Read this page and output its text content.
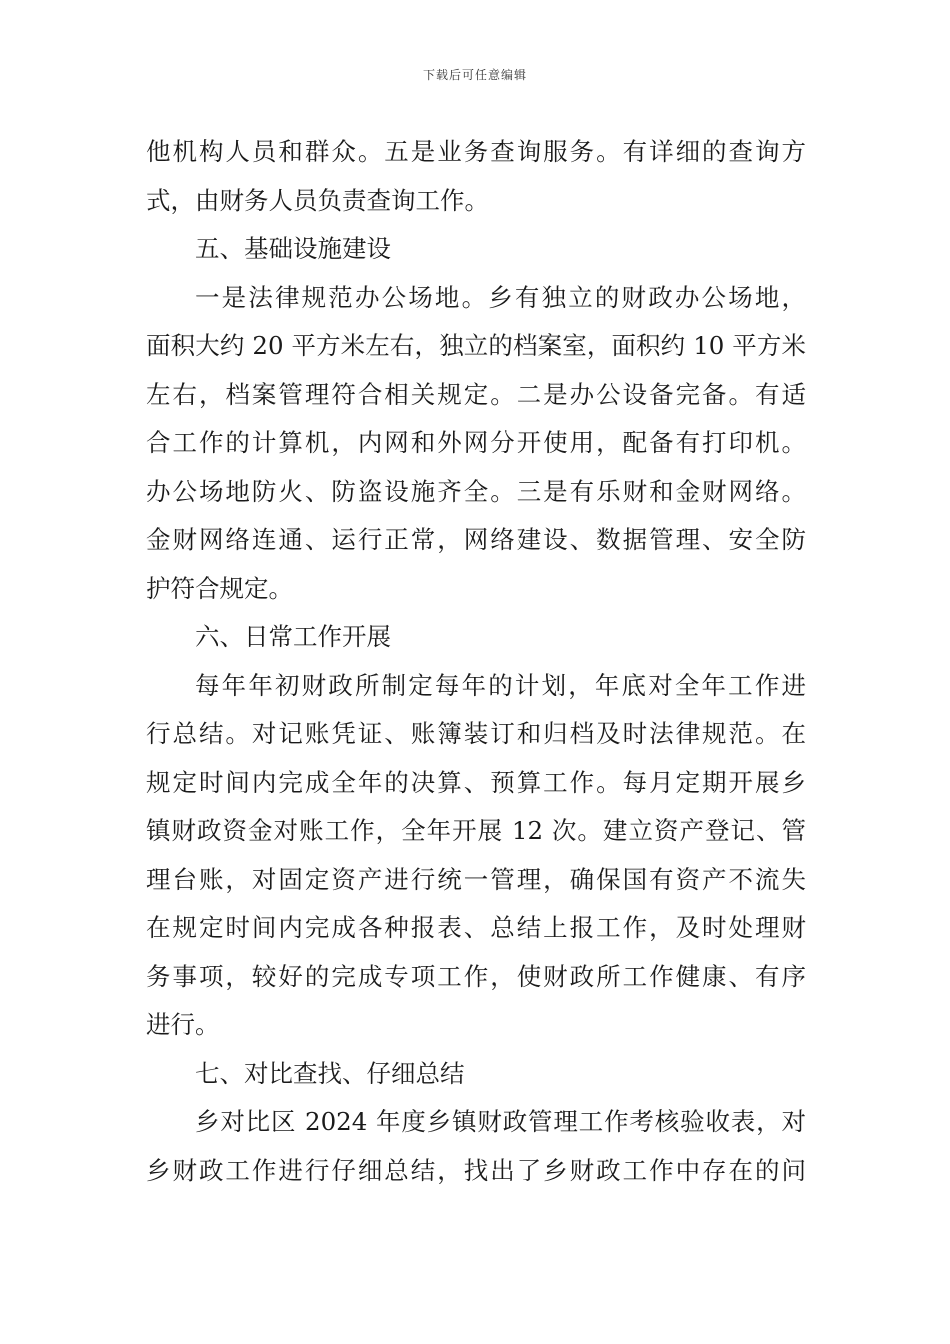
下载后可任意编辑
他机构人员和群众。五是业务查询服务。有详细的查询方
式，由财务人员负责查询工作。
五、基础设施建设
一是法律规范办公场地。乡有独立的财政办公场地，
面积大约 20 平方米左右，独立的档案室，面积约 10 平方米
左右，档案管理符合相关规定。二是办公设备完备。有适
合工作的计算机，内网和外网分开使用，配备有打印机。
办公场地防火、防盗设施齐全。三是有乐财和金财网络。
金财网络连通、运行正常，网络建设、数据管理、安全防
护符合规定。
六、日常工作开展
每年年初财政所制定每年的计划，年底对全年工作进
行总结。对记账凭证、账簿装订和归档及时法律规范。在
规定时间内完成全年的决算、预算工作。每月定期开展乡
镇财政资金对账工作，全年开展 12 次。建立资产登记、管
理台账，对固定资产进行统一管理，确保国有资产不流失
在规定时间内完成各种报表、总结上报工作，及时处理财
务事项，较好的完成专项工作，使财政所工作健康、有序
进行。
七、对比查找、仔细总结
乡对比区 2024 年度乡镇财政管理工作考核验收表，对
乡财政工作进行仔细总结，找出了乡财政工作中存在的问
